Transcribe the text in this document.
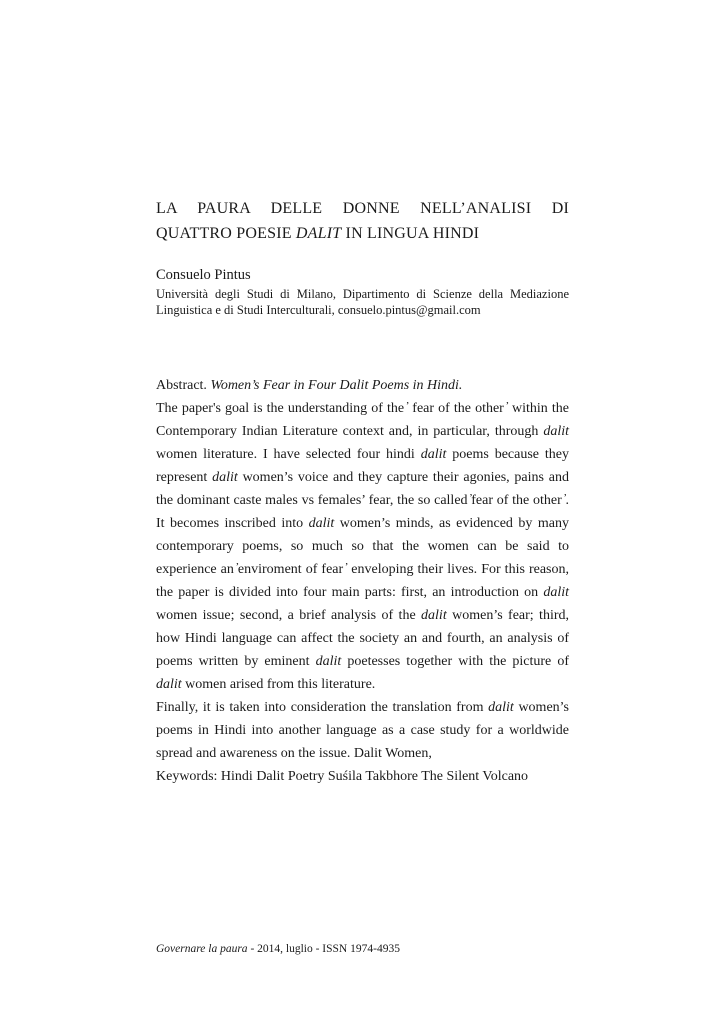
LA PAURA DELLE DONNE NELL’ANALISI DI
QUATTRO POESIE DALIT IN LINGUA HINDI
Consuelo Pintus
Università degli Studi di Milano, Dipartimento di Scienze della Mediazione
Linguistica e di Studi Interculturali, consuelo.pintus@gmail.com
Abstract. Women’s Fear in Four Dalit Poems in Hindi.

The paper's goal is the understanding of the ̓ fear of the other ̓ within the Contemporary Indian Literature context and, in particular, through dalit women literature. I have selected four hindi dalit poems because they represent dalit women’s voice and they capture their agonies, pains and the dominant caste males vs females’ fear, the so called ̓fear of the other ̓. It becomes inscribed into dalit women’s minds, as evidenced by many contemporary poems, so much so that the women can be said to experience an ̓enviroment of fear ̓ enveloping their lives. For this reason, the paper is divided into four main parts: first, an introduction on dalit women issue; second, a brief analysis of the dalit women’s fear; third, how Hindi language can affect the society an and fourth, an analysis of poems written by eminent dalit poetesses together with the picture of dalit women arised from this literature.

Finally, it is taken into consideration the translation from dalit women’s poems in Hindi into another language as a case study for a worldwide spread and awareness on the issue. Dalit Women,

Keywords: Hindi Dalit Poetry Suśila Takbhore The Silent Volcano
Governare la paura - 2014, luglio - ISSN 1974-4935
